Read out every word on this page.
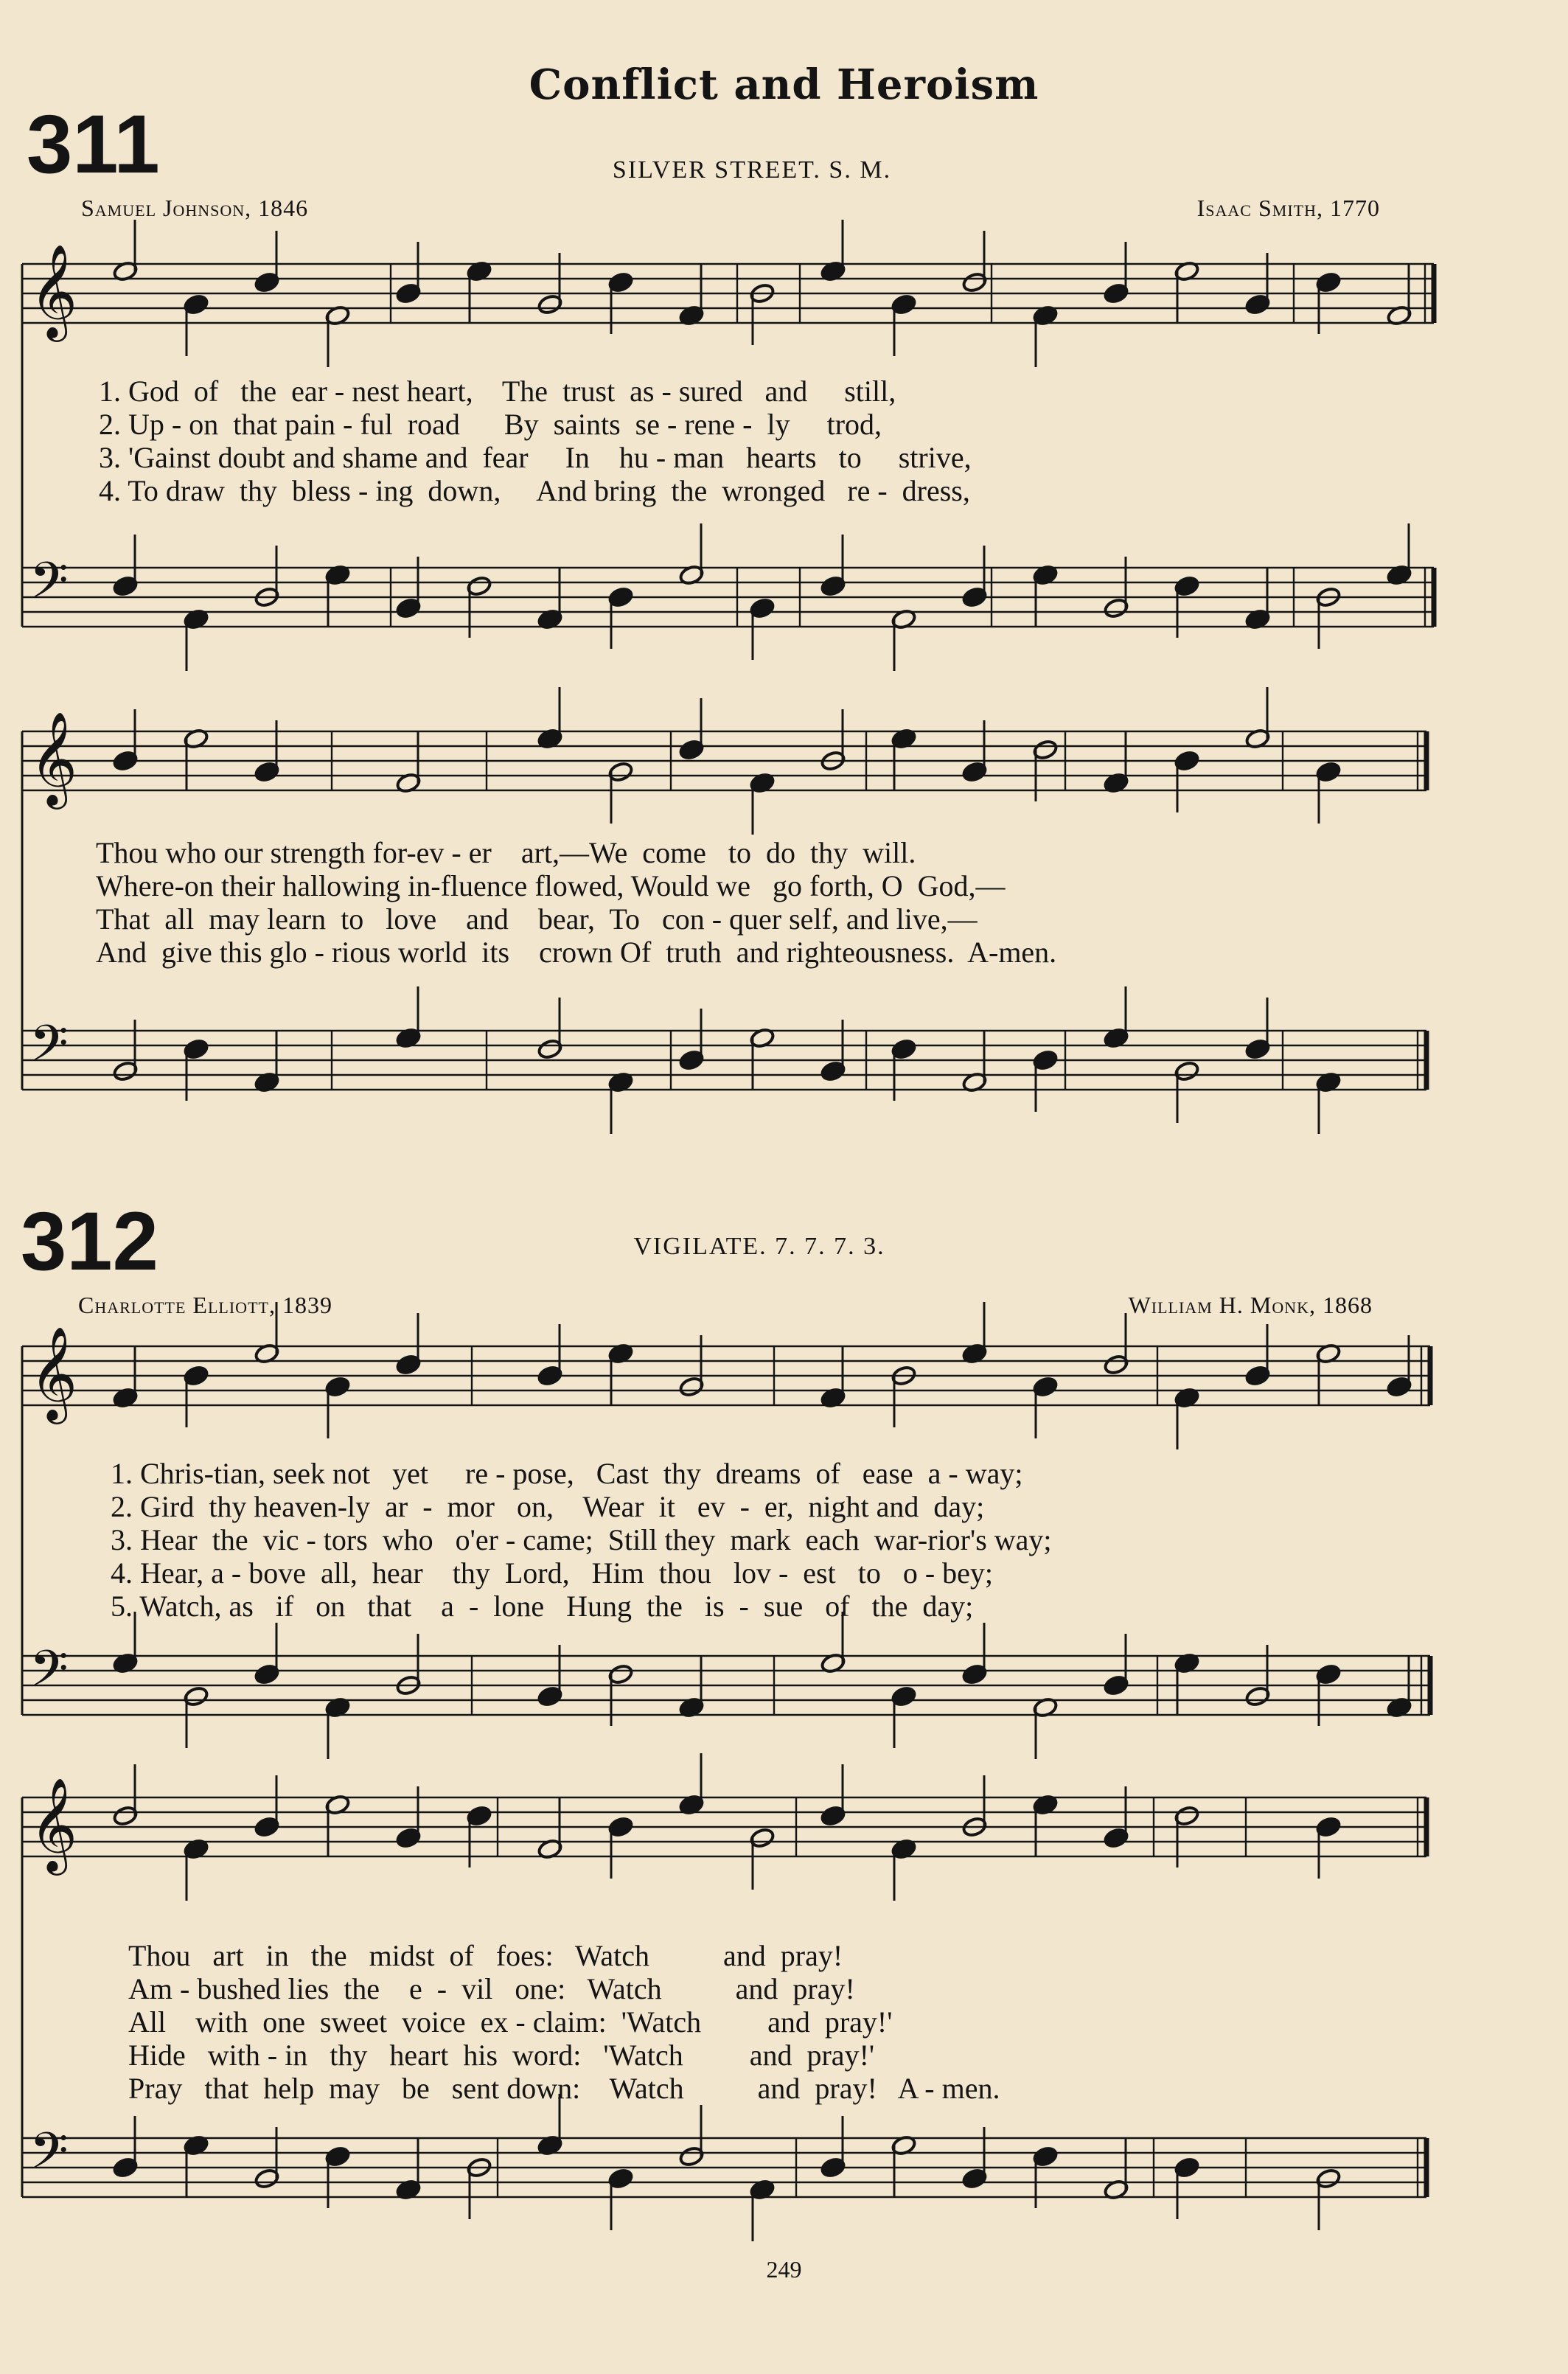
𝄞
𝄢
𝄞
𝄢
𝄞
𝄢
𝄞
𝄢
Conflict and Heroism
311	SILVER STREET. S. M.
Samuel Johnson, 1846	Isaac Smith, 1770
1. God  of   the  ear - nest heart,    The  trust  as - sured   and     still,
2. Up - on  that pain - ful  road      By  saints  se - rene -  ly     trod,
3. 'Gainst doubt and shame and  fear     In    hu - man   hearts   to     strive,
4. To draw  thy  bless - ing  down,     And bring  the  wronged   re -  dress,
Thou who our strength for-ev - er    art,—We  come   to  do  thy  will.
Where-on their hallowing in-fluence flowed, Would we   go forth, O  God,—
That  all  may learn  to   love    and    bear,  To   con - quer self, and live,—
And  give this glo - rious world  its    crown Of  truth  and righteousness.  A-men.
312	VIGILATE. 7. 7. 7. 3.
Charlotte Elliott, 1839	William H. Monk, 1868
1. Chris-tian, seek not   yet     re - pose,   Cast  thy  dreams  of   ease  a - way;
2. Gird  thy heaven-ly  ar  -  mor   on,    Wear  it   ev  -  er,  night and  day;
3. Hear  the  vic - tors  who   o'er - came;  Still they  mark  each  war-rior's way;
4. Hear, a - bove  all,  hear    thy  Lord,   Him  thou   lov -  est   to   o - bey;
5. Watch, as   if   on   that    a  -  lone   Hung  the   is  -  sue   of   the  day;
Thou   art   in   the   midst  of   foes:   Watch          and  pray!
Am - bushed lies  the    e  -  vil   one:   Watch          and  pray!
All    with  one  sweet  voice  ex - claim:  'Watch         and  pray!'
Hide   with - in   thy   heart  his  word:   'Watch         and  pray!'
Pray   that  help  may   be   sent down:    Watch          and  pray!   A - men.
249
